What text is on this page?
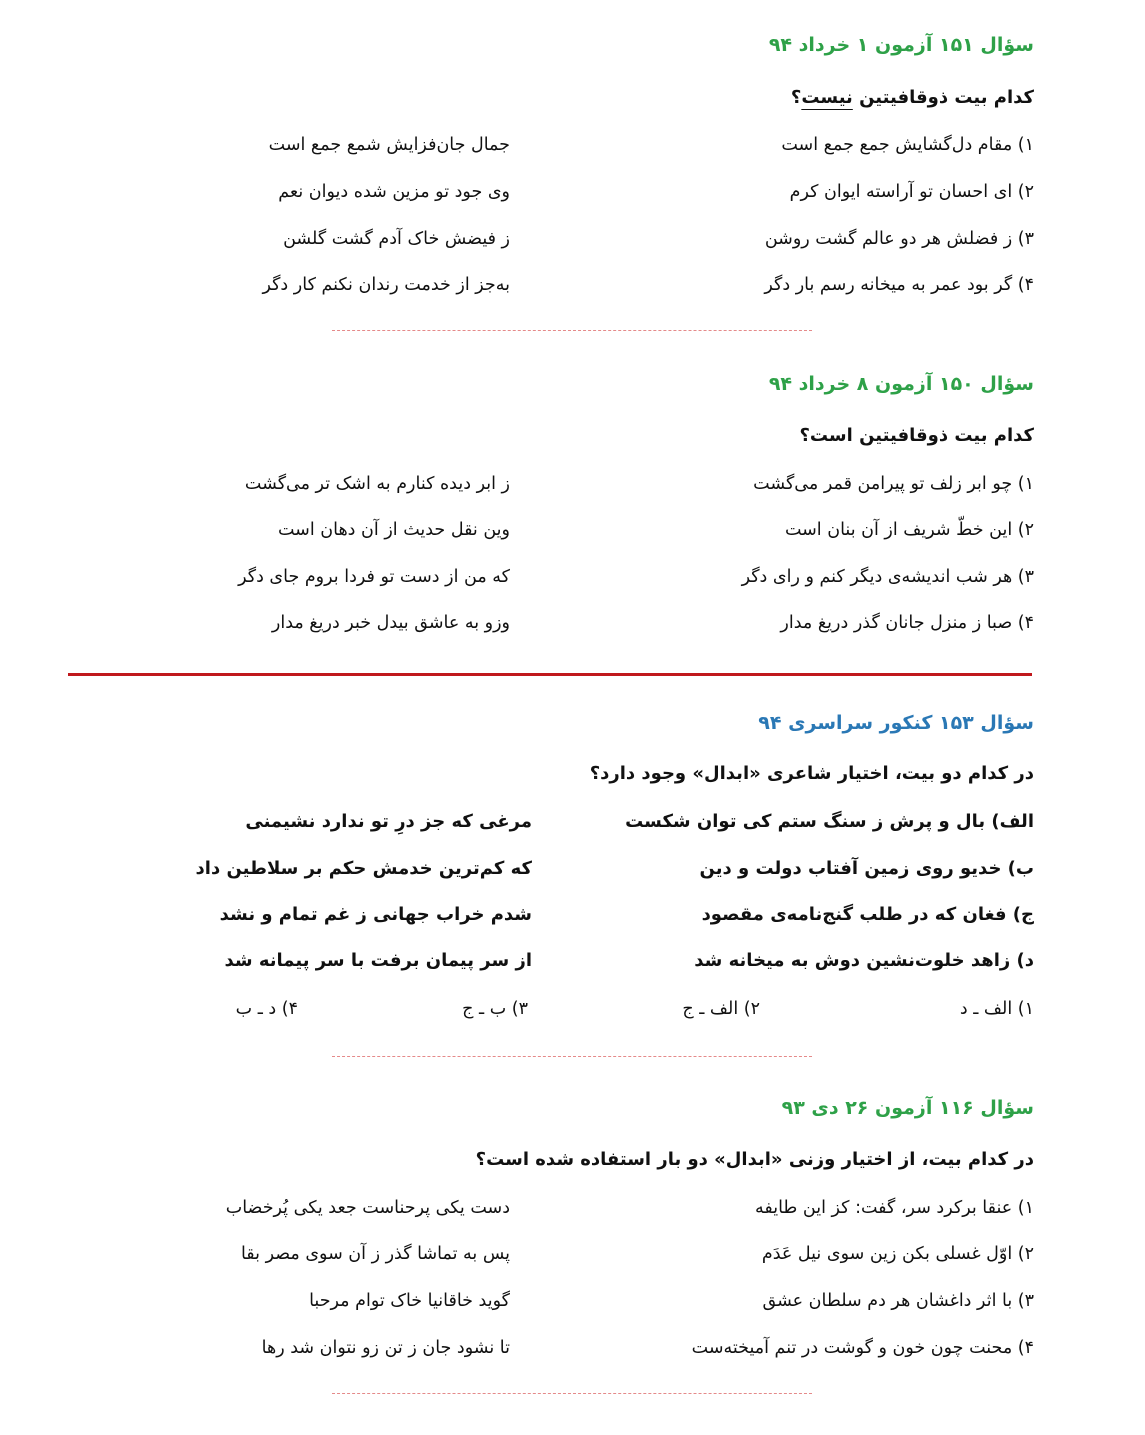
سؤال ۱۵۱ آزمون ۱ خرداد ۹۴
کدام بیت ذوقافیتین نیست؟
۱) مقام دل‌گشایش جمع جمع است
جمال جان‌فزایش شمع جمع است
۲) ای احسان تو آراسته ایوان کرم
وی جود تو مزین شده دیوان نعم
۳) ز فضلش هر دو عالم گشت روشن
ز فیضش خاک آدم گشت گلشن
۴) گر بود عمر به میخانه رسم بار دگر
به‌جز از خدمت رندان نکنم کار دگر
سؤال ۱۵۰ آزمون ۸ خرداد ۹۴
کدام بیت ذوقافیتین است؟
۱) چو ابر زلف تو پیرامن قمر می‌گشت
ز ابر دیده کنارم به اشک تر می‌گشت
۲) این خطّ شریف از آن بنان است
وین نقل حدیث از آن دهان است
۳) هر شب اندیشه‌ی دیگر کنم و رای دگر
که من از دست تو فردا بروم جای دگر
۴) صبا ز منزل جانان گذر دریغ مدار
وزو به عاشق بیدل خبر دریغ مدار
سؤال ۱۵۳ کنکور سراسری ۹۴
در کدام دو بیت، اختیار شاعری «ابدال» وجود دارد؟
الف) بال و پرش ز سنگ ستم کی توان شکست
مرغی که جز درِ تو ندارد نشیمنی
ب) خدیو روی زمین آفتاب دولت و دین
که کم‌ترین خدمش حکم بر سلاطین داد
ج) فغان که در طلب گنج‌نامه‌ی مقصود
شدم خراب جهانی ز غم تمام و نشد
د) زاهد خلوت‌نشین دوش به میخانه شد
از سر پیمان برفت با سر پیمانه شد
۱) الف ـ د
۲) الف ـ ج
۳) ب ـ ج
۴) د ـ ب
سؤال ۱۱۶ آزمون ۲۶ دی ۹۳
در کدام بیت، از اختیار وزنی «ابدال» دو بار استفاده شده است؟
۱) عنقا برکرد سر، گفت: کز این طایفه
دست یکی پرحناست جعد یکی پُرخضاب
۲) اوّل غسلی بکن زین سوی نیل عَدَم
پس به تماشا گذر ز آن سوی مصر بقا
۳) با اثر داغشان هر دم سلطان عشق
گوید خاقانیا خاک توام مرحبا
۴) محنت چون خون و گوشت در تنم آمیخته‌ست
تا نشود جان ز تن زو نتوان شد رها
